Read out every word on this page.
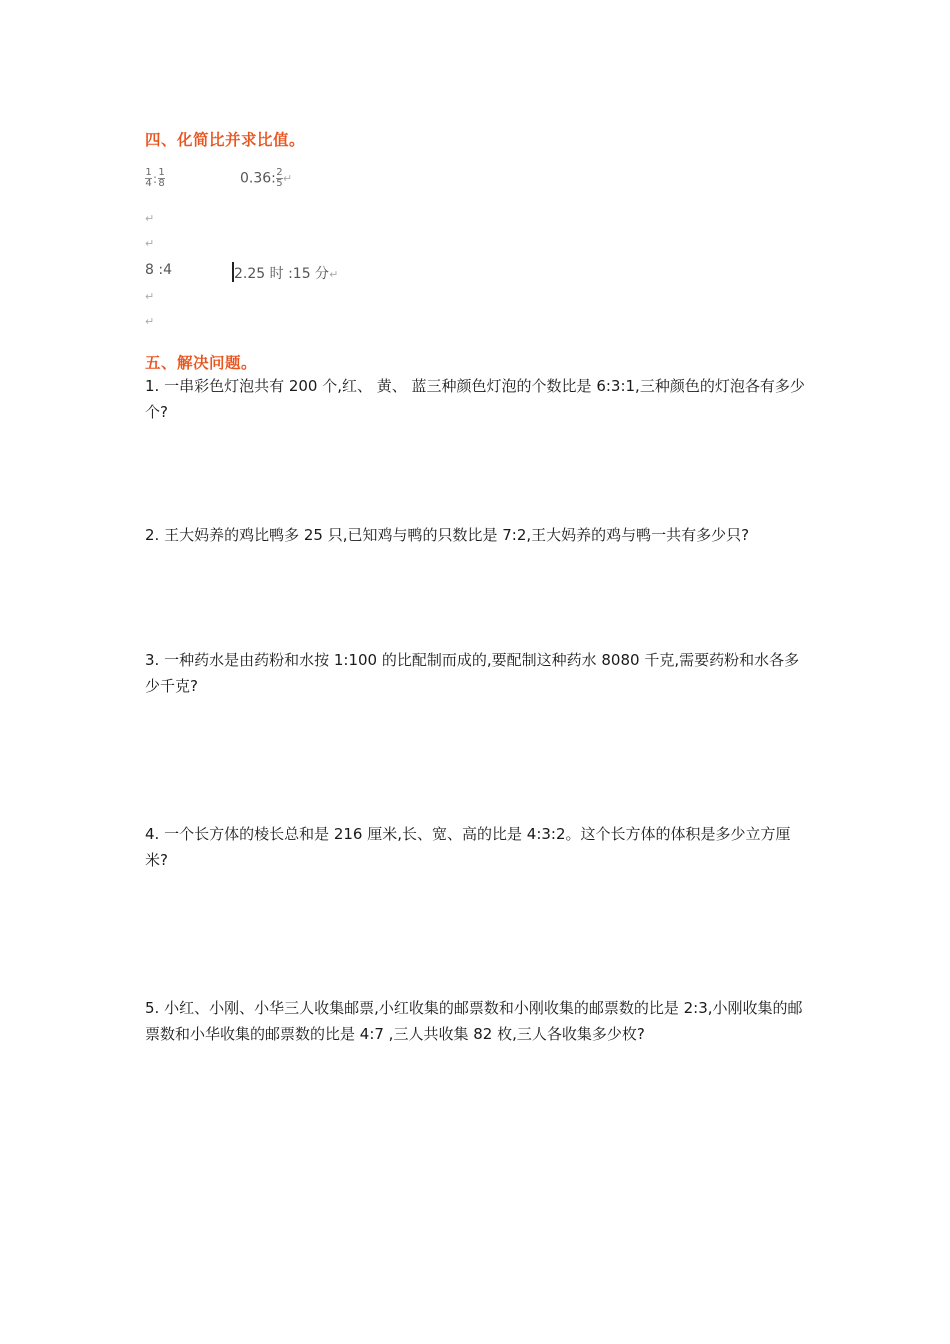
四、化简比并求比值。
$\frac{1}{4}$ : $\frac{1}{8}$	0.36: $\frac{2}{5}$ ↵
↵
↵
8 :4	2.25 时 :15 分↵
↵
↵
五、解决问题。

1. 一串彩色灯泡共有 200 个,红、 黄、 蓝三种颜色灯泡的个数比是 6:3:1,三种颜色的灯泡各有多少个?

2. 王大妈养的鸡比鸭多 25 只,已知鸡与鸭的只数比是 7:2,王大妈养的鸡与鸭一共有多少只?

3. 一种药水是由药粉和水按 1:100 的比配制而成的,要配制这种药水 8080 千克,需要药粉和水各多少千克?

4. 一个长方体的棱长总和是 216 厘米,长、宽、高的比是 4:3:2。这个长方体的体积是多少立方厘米?

5. 小红、小刚、小华三人收集邮票,小红收集的邮票数和小刚收集的邮票数的比是 2:3,小刚收集的邮票数和小华收集的邮票数的比是 4:7 ,三人共收集 82 枚,三人各收集多少枚?
